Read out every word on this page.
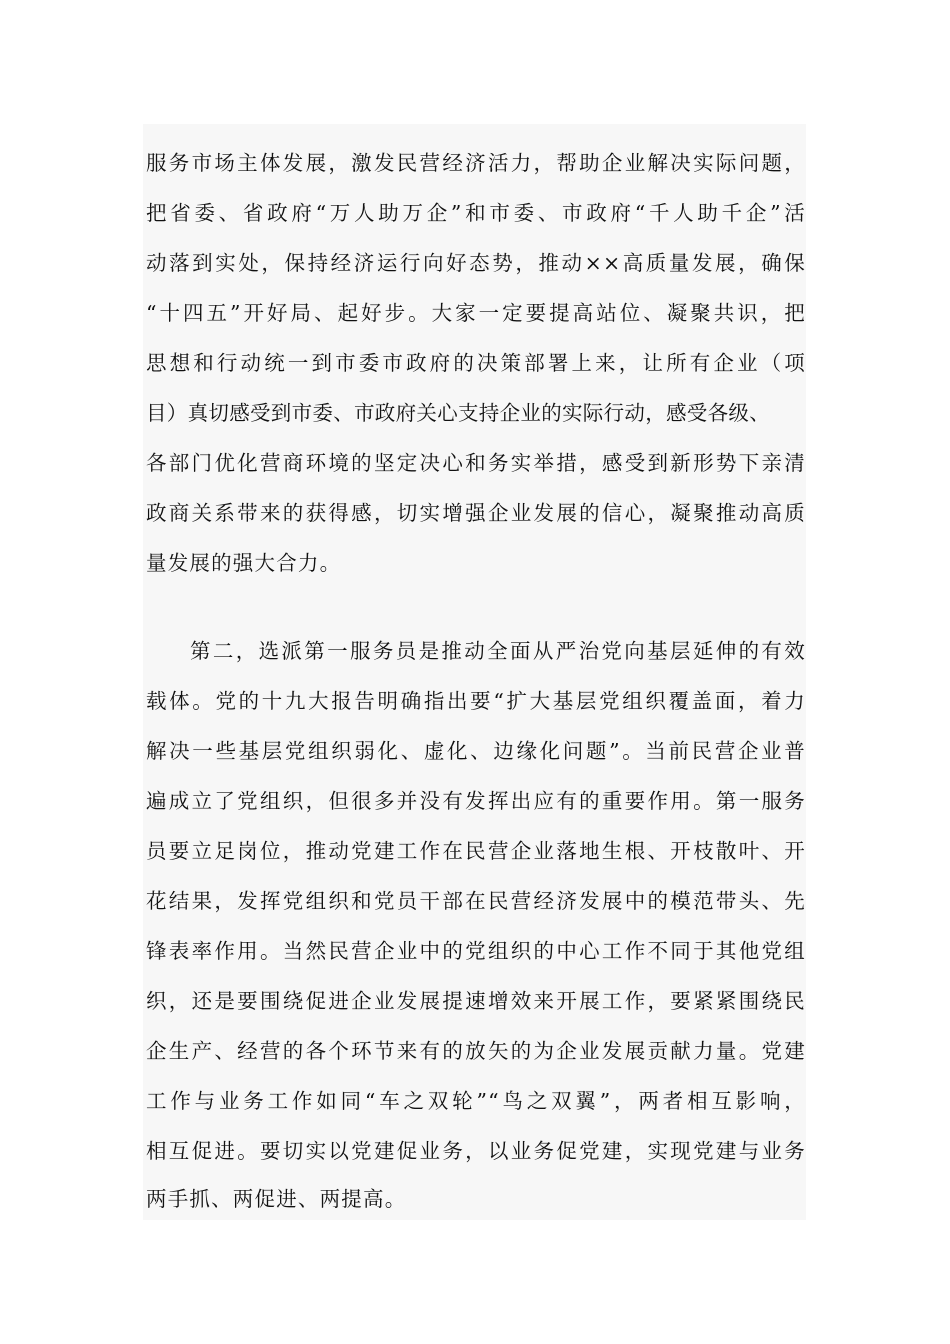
服务市场主体发展，激发民营经济活力，帮助企业解决实际问题，
把省委、省政府“万人助万企”和市委、市政府“千人助千企”活
动落到实处，保持经济运行向好态势，推动××高质量发展，确保
“十四五”开好局、起好步。大家一定要提高站位、凝聚共识，把
思想和行动统一到市委市政府的决策部署上来，让所有企业（项
目）真切感受到市委、市政府关心支持企业的实际行动，感受各级、
各部门优化营商环境的坚定决心和务实举措，感受到新形势下亲清
政商关系带来的获得感，切实增强企业发展的信心，凝聚推动高质
量发展的强大合力。
第二，选派第一服务员是推动全面从严治党向基层延伸的有效
载体。党的十九大报告明确指出要“扩大基层党组织覆盖面，着力
解决一些基层党组织弱化、虚化、边缘化问题”。当前民营企业普
遍成立了党组织，但很多并没有发挥出应有的重要作用。第一服务
员要立足岗位，推动党建工作在民营企业落地生根、开枝散叶、开
花结果，发挥党组织和党员干部在民营经济发展中的模范带头、先
锋表率作用。当然民营企业中的党组织的中心工作不同于其他党组
织，还是要围绕促进企业发展提速增效来开展工作，要紧紧围绕民
企生产、经营的各个环节来有的放矢的为企业发展贡献力量。党建
工作与业务工作如同“车之双轮”“鸟之双翼”，两者相互影响，
相互促进。要切实以党建促业务，以业务促党建，实现党建与业务
两手抓、两促进、两提高。
